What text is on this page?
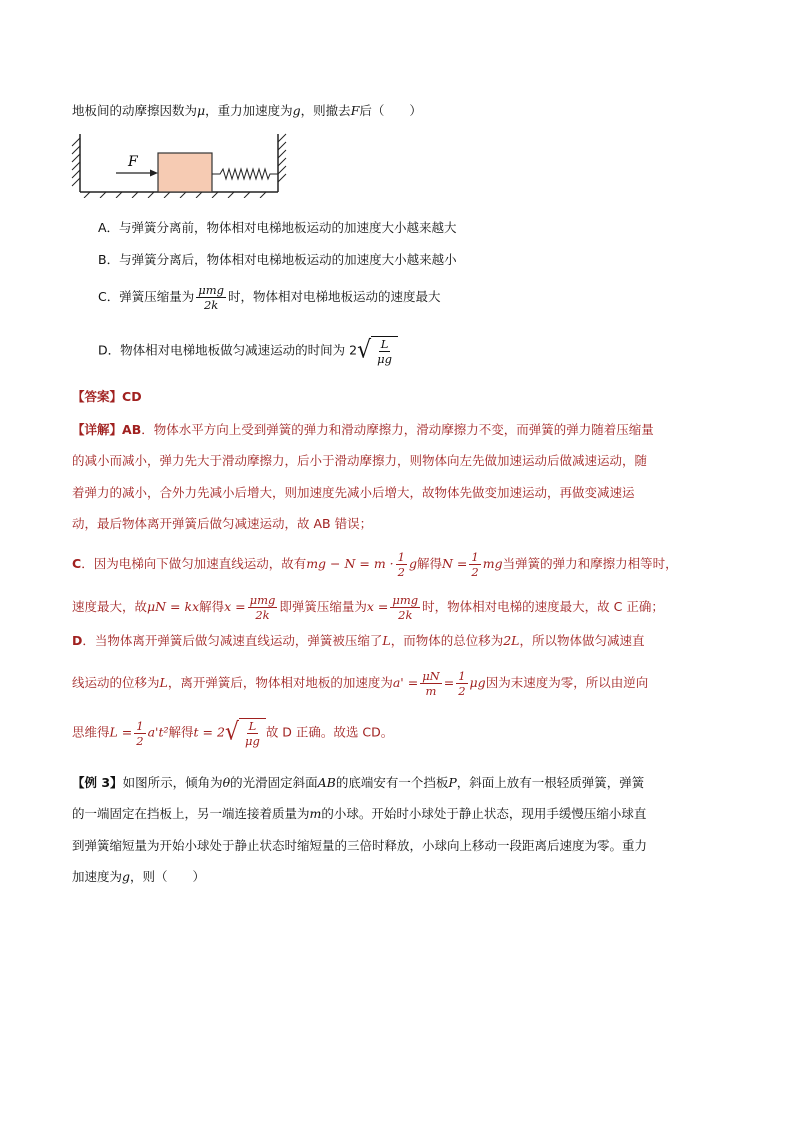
地板间的动摩擦因数为μ，重力加速度为g，则撤去F后（　　）
F
A．与弹簧分离前，物体相对电梯地板运动的加速度大小越来越大
B．与弹簧分离后，物体相对电梯地板运动的加速度大小越来越小
C．弹簧压缩量为 $\frac{\text{μmg}}{2k}$ 时，物体相对电梯地板运动的速度最大
D．物体相对电梯地板做匀减速运动的时间为 2 √ $\frac{L}{\mu g}$
【答案】CD
【详解】AB．物体水平方向上受到弹簧的弹力和滑动摩擦力，滑动摩擦力不变，而弹簧的弹力随着压缩量
的减小而减小，弹力先大于滑动摩擦力，后小于滑动摩擦力，则物体向左先做加速运动后做减速运动，随
着弹力的减小，合外力先减小后增大，则加速度先减小后增大，故物体先做变加速运动，再做变减速运
动，最后物体离开弹簧后做匀减速运动，故 AB 错误；
C．因为电梯向下做匀加速直线运动，故有mg − $N = m \cdot \frac{1}{2}$ g解得$N = \frac{1}{2}$ mg当弹簧的弹力和摩擦力相等时，
速度最大，故μN = kx解得$x = \frac{\text{μmg}}{2k}$ 即弹簧压缩量为$x = \frac{\text{μmg}}{2k}$ 时，物体相对电梯的速度最大，故 C 正确；
D．当物体离开弹簧后做匀减速直线运动，弹簧被压缩了L，而物体的总位移为2L，所以物体做匀减速直
线运动的位移为L，离开弹簧后，物体相对地板的加速度为$a' = \frac{\mu N}{m} = \frac{1}{2}$ μg因为末速度为零，所以由逆向
思维得$L = \frac{1}{2} a't^2$解得t = 2 √ $\frac{L}{\mu g}$ 故 D 正确。故选 CD。
【例 3】如图所示，倾角为θ的光滑固定斜面AB的底端安有一个挡板P，斜面上放有一根轻质弹簧，弹簧
的一端固定在挡板上，另一端连接着质量为m的小球。开始时小球处于静止状态，现用手缓慢压缩小球直
到弹簧缩短量为开始小球处于静止状态时缩短量的三倍时释放，小球向上移动一段距离后速度为零。重力
加速度为g，则（　　）
